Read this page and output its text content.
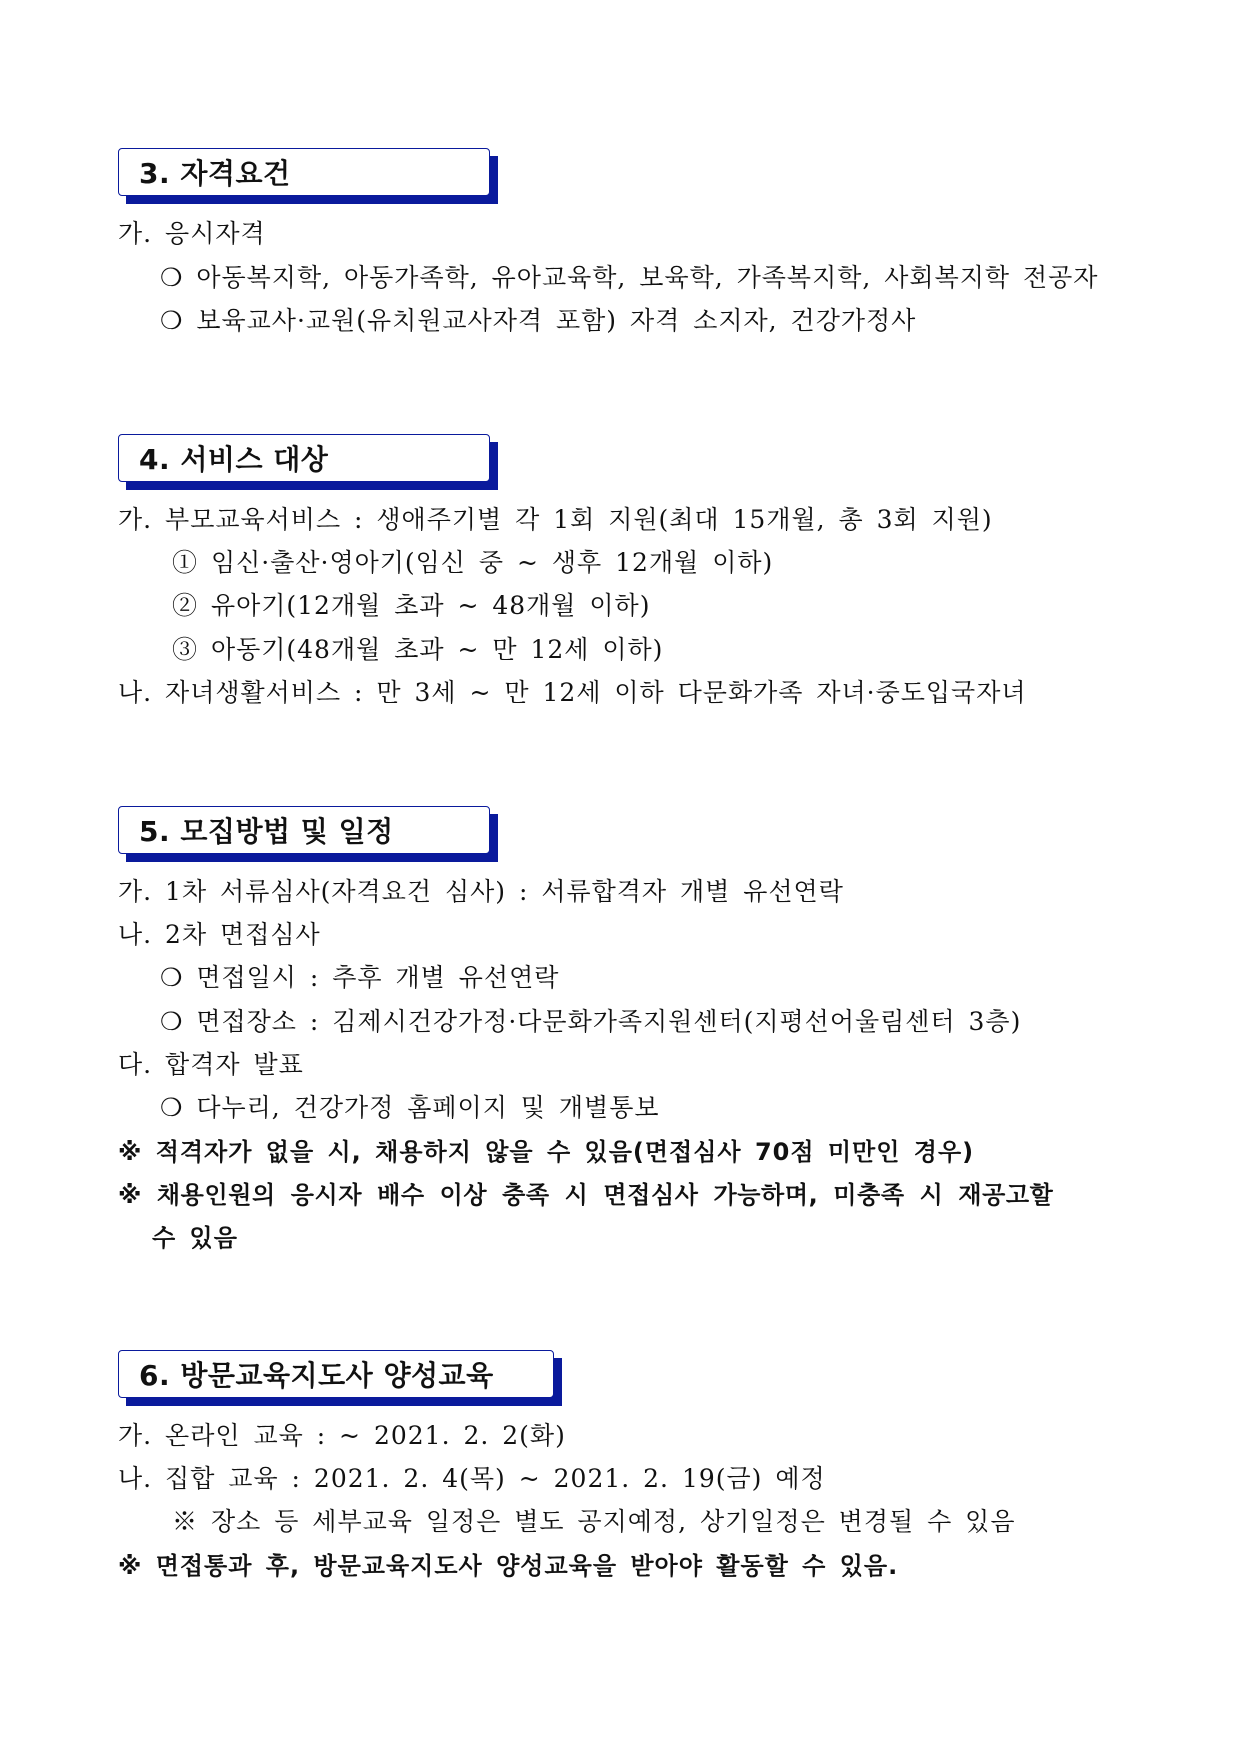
3. 자격요건
가. 응시자격
❍ 아동복지학, 아동가족학, 유아교육학, 보육학, 가족복지학, 사회복지학 전공자
❍ 보육교사·교원(유치원교사자격 포함) 자격 소지자, 건강가정사
4. 서비스 대상
가. 부모교육서비스 : 생애주기별 각 1회 지원(최대 15개월, 총 3회 지원)
① 임신·출산·영아기(임신 중 ~ 생후 12개월 이하)
② 유아기(12개월 초과 ~ 48개월 이하)
③ 아동기(48개월 초과 ~ 만 12세 이하)
나. 자녀생활서비스 : 만 3세 ~ 만 12세 이하 다문화가족 자녀·중도입국자녀
5. 모집방법 및 일정
가. 1차 서류심사(자격요건 심사) : 서류합격자 개별 유선연락
나. 2차 면접심사
❍ 면접일시 : 추후 개별 유선연락
❍ 면접장소 : 김제시건강가정·다문화가족지원센터(지평선어울림센터 3층)
다. 합격자 발표
❍ 다누리, 건강가정 홈페이지 및 개별통보
※ 적격자가 없을 시, 채용하지 않을 수 있음(면접심사 70점 미만인 경우)
※ 채용인원의 응시자 배수 이상 충족 시 면접심사 가능하며, 미충족 시 재공고할
수 있음
6. 방문교육지도사 양성교육
가. 온라인 교육 : ~ 2021. 2. 2(화)
나. 집합 교육 : 2021. 2. 4(목) ~ 2021. 2. 19(금) 예정
※ 장소 등 세부교육 일정은 별도 공지예정, 상기일정은 변경될 수 있음
※ 면접통과 후, 방문교육지도사 양성교육을 받아야 활동할 수 있음.
